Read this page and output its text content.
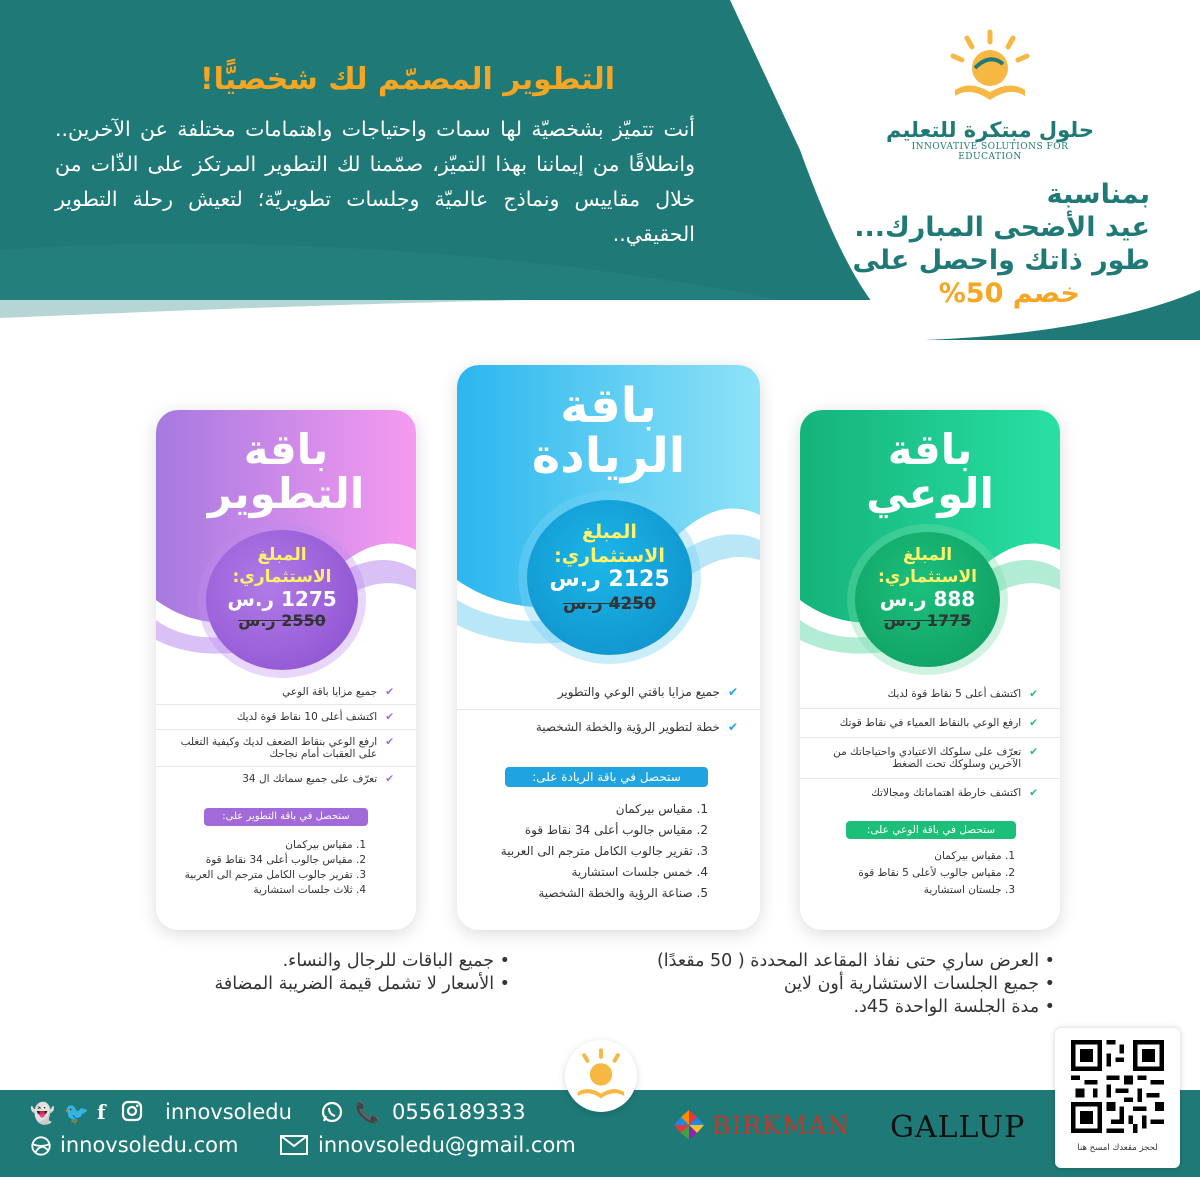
حلول مبتكرة للتعليم
INNOVATIVE SOLUTIONS FOR EDUCATION
بمناسبة
عيد الأضحى المبارك...
طور ذاتك واحصل على
خصم 50%
التطوير المصمّم لك شخصيًّا!
أنت تتميّز بشخصيّة لها سمات واحتياجات واهتمامات مختلفة عن الآخرين.. وانطلاقًا من إيماننا بهذا التميّز، صمّمنا لك التطوير المرتكز على الذّات من خلال مقاييس ونماذج عالميّة وجلسات تطويريّة؛ لتعيش رحلة التطوير الحقيقي..
باقة
التطوير
المبلغ
الاستثماري:
1275 ر.س
2550 ر.س
✔
جميع مزايا باقة الوعي
✔
اكتشف أعلى 10 نقاط قوة لديك
✔
ارفع الوعي بنقاط الضعف لديك وكيفية التغلب على العقبات أمام نجاحك
✔
تعرّف على جميع سماتك ال 34
ستحصل في باقة التطوير على:
1. مقياس بيركمان
2. مقياس جالوب أعلى 34 نقاط قوة
3. تقرير جالوب الكامل مترجم الى العربية
4. ثلاث جلسات استشارية
باقة
الريادة
المبلغ
الاستثماري:
2125 ر.س
4250 ر.س
✔
جميع مزايا باقتي الوعي والتطوير
✔
خطة لتطوير الرؤية والخطة الشخصية
ستحصل في باقة الريادة على:
1. مقياس بيركمان
2. مقياس جالوب أعلى 34 نقاط قوة
3. تقرير جالوب الكامل مترجم الى العربية
4. خمس جلسات استشارية
5. صناعة الرؤية والخطة الشخصية
باقة
الوعي
المبلغ
الاستثماري:
888 ر.س
1775 ر.س
✔
اكتشف أعلى 5 نقاط قوة لديك
✔
ارفع الوعي بالنقاط العمياء في نقاط قوتك
✔
تعرّف على سلوكك الاعتيادي واحتياجاتك من الآخرين وسلوكك تحت الضغط
✔
اكتشف خارطة اهتماماتك ومجالاتك
ستحصل في باقة الوعي على:
1. مقياس بيركمان
2. مقياس جالوب لأعلى 5 نقاط قوة
3. جلستان استشارية
• العرض ساري حتى نفاذ المقاعد المحددة ( 50 مقعدًا)
• جميع الجلسات الاستشارية أون لاين
• مدة الجلسة الواحدة 45د.
• جميع الباقات للرجال والنساء.
• الأسعار لا تشمل قيمة الضريبة المضافة
👻 🐦 f	innovsoledu	📞 0556189333
innovsoledu.com	innovsoledu@gmail.com
BIRKMAN GALLUP
لحجز مقعدك امسح هنا
